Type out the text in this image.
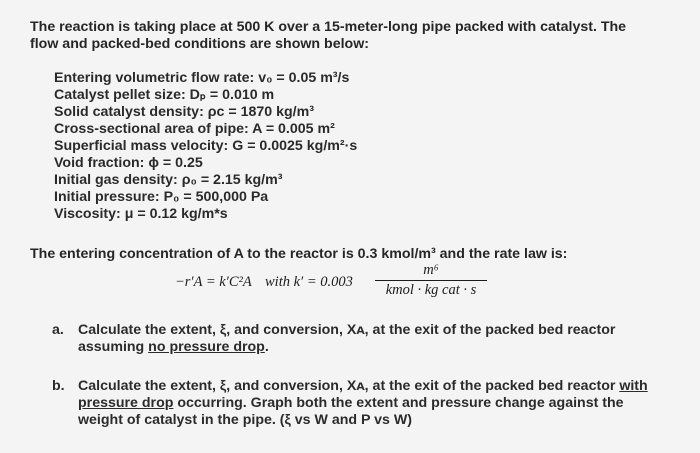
The reaction is taking place at 500 K over a 15-meter-long pipe packed with catalyst. The
flow and packed-bed conditions are shown below:
Entering volumetric flow rate: v₀ = 0.05 m³/s
Catalyst pellet size: Dₚ = 0.010 m
Solid catalyst density: ρc = 1870 kg/m³
Cross-sectional area of pipe: A = 0.005 m²
Superficial mass velocity: G = 0.0025 kg/m²·s
Void fraction: ϕ = 0.25
Initial gas density: ρ₀ = 2.15 kg/m³
Initial pressure: P₀ = 500,000 Pa
Viscosity: μ = 0.12 kg/m*s
The entering concentration of A to the reactor is 0.3 kmol/m³ and the rate law is:
−r′A = k′C²A with k′ = 0.003
m⁶
kmol · kg cat · s
a. Calculate the extent, ξ, and conversion, Xᴀ, at the exit of the packed bed reactor
assuming no pressure drop.
b. Calculate the extent, ξ, and conversion, Xᴀ, at the exit of the packed bed reactor with
pressure drop occurring. Graph both the extent and pressure change against the
weight of catalyst in the pipe. (ξ vs W and P vs W)
